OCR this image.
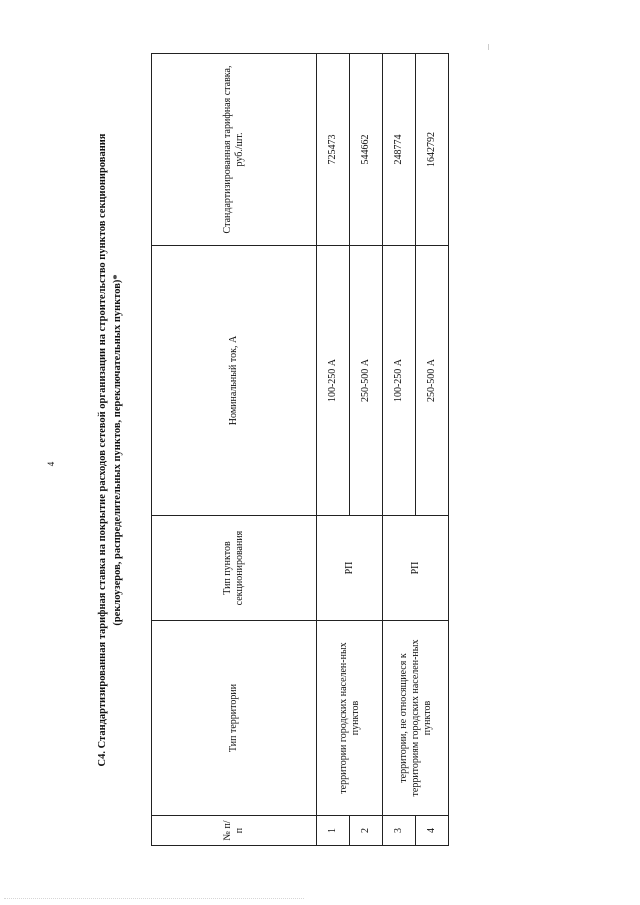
4	С4. Стандартизированная тарифная ставка на покрытие расходов сетевой организации на строительство пунктов секционирования (реклоузеров, распределительных пунктов, переключательных пунктов)*
№ п/п	Тип территории	Тип пунктов секционирования	Номинальный ток, А	Стандартизированная тарифная ставка, руб./шт.
1	территории городских населен-ных пунктов	РП	100-250 А	725473
2			250-500 А	544662
3	территории, не относящиеся к территориям городских населен-ных пунктов	РП	100-250 А	248774
4			250-500 А	1642792
